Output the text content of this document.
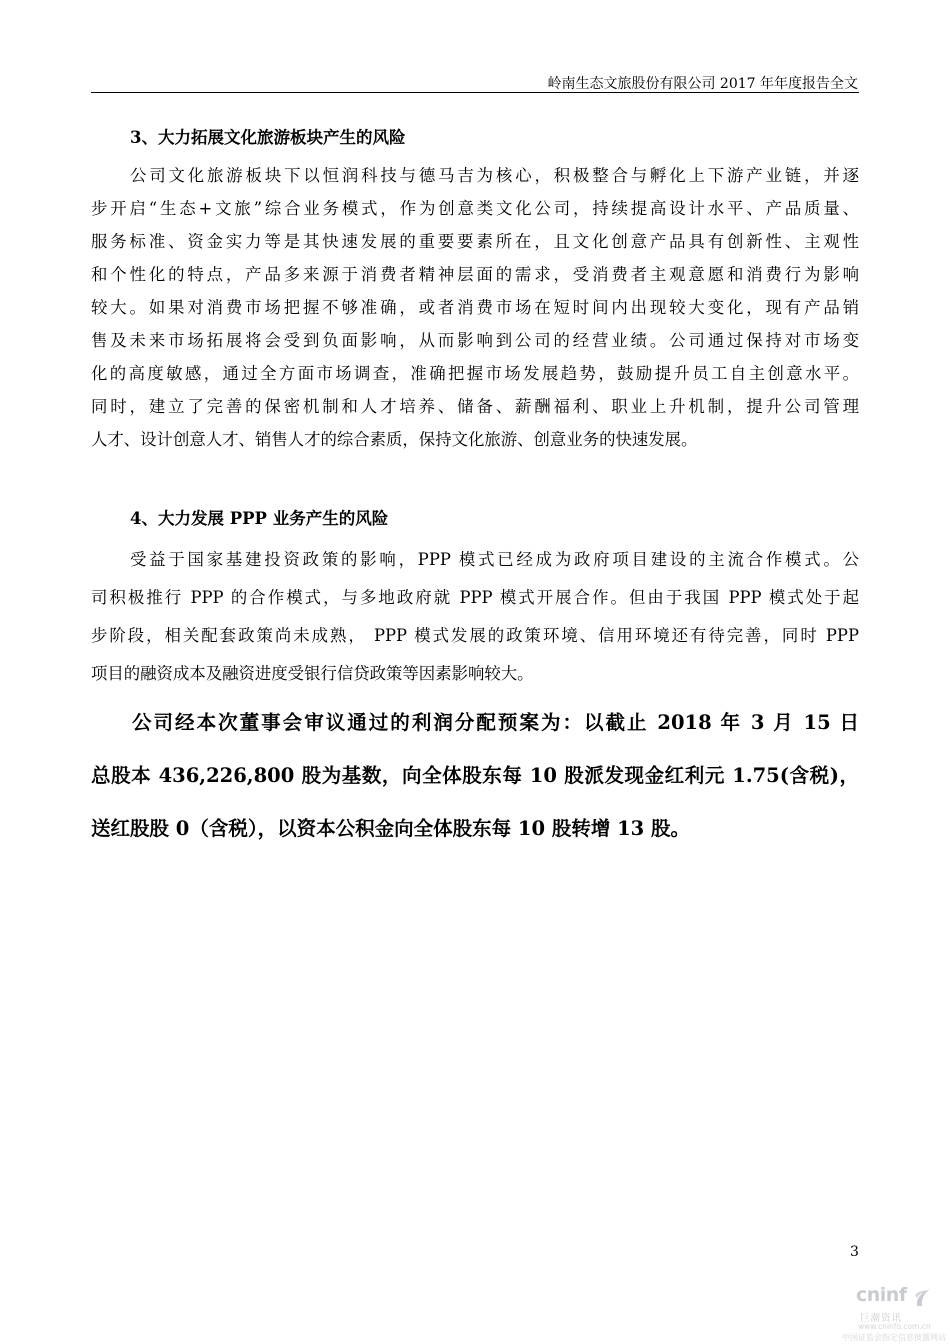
岭南生态文旅股份有限公司 2017 年年度报告全文
3、大力拓展文化旅游板块产生的风险
公司文化旅游板块下以恒润科技与德马吉为核心，积极整合与孵化上下游产业链，并逐
步开启“生态+文旅”综合业务模式，作为创意类文化公司，持续提高设计水平、产品质量、
服务标准、资金实力等是其快速发展的重要要素所在，且文化创意产品具有创新性、主观性
和个性化的特点，产品多来源于消费者精神层面的需求，受消费者主观意愿和消费行为影响
较大。如果对消费市场把握不够准确，或者消费市场在短时间内出现较大变化，现有产品销
售及未来市场拓展将会受到负面影响，从而影响到公司的经营业绩。公司通过保持对市场变
化的高度敏感，通过全方面市场调查，准确把握市场发展趋势，鼓励提升员工自主创意水平。
同时，建立了完善的保密机制和人才培养、储备、薪酬福利、职业上升机制，提升公司管理
人才、设计创意人才、销售人才的综合素质，保持文化旅游、创意业务的快速发展。
4、大力发展 PPP 业务产生的风险
受益于国家基建投资政策的影响，PPP 模式已经成为政府项目建设的主流合作模式。公
司积极推行 PPP 的合作模式，与多地政府就 PPP 模式开展合作。但由于我国 PPP 模式处于起
步阶段，相关配套政策尚未成熟， PPP 模式发展的政策环境、信用环境还有待完善，同时 PPP
项目的融资成本及融资进度受银行信贷政策等因素影响较大。
公司经本次董事会审议通过的利润分配预案为：以截止 2018 年 3 月 15 日
总股本 436,226,800 股为基数，向全体股东每 10 股派发现金红利元 1.75(含税)，
送红股股 0（含税），以资本公积金向全体股东每 10 股转增 13 股。
3
cninf
巨潮资讯
www.cninfo.com.cn
中国证监会指定信息披露网站
